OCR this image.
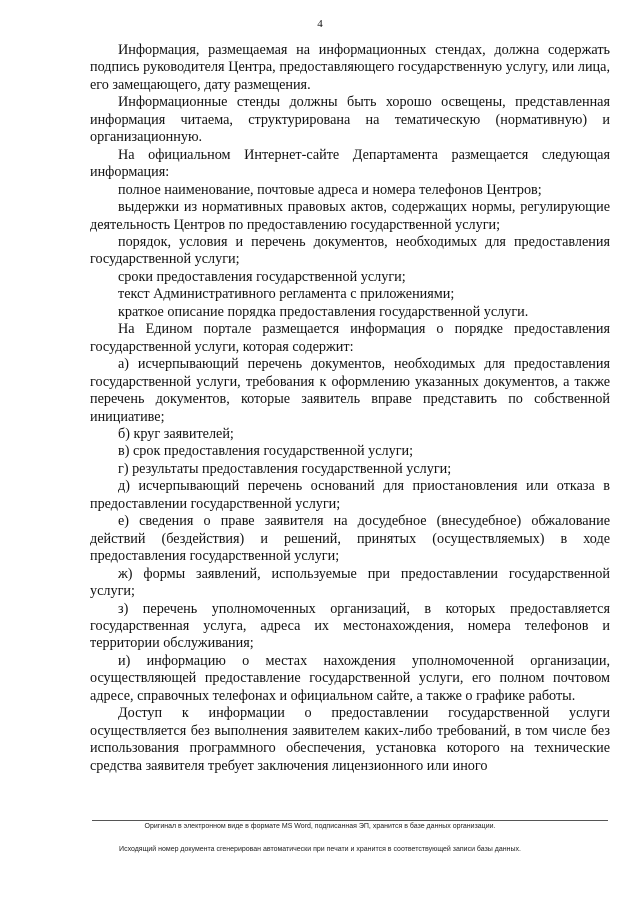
4

Информация, размещаемая на информационных стендах, должна содержать подпись руководителя Центра, предоставляющего государственную услугу, или лица, его замещающего, дату размещения.

Информационные стенды должны быть хорошо освещены, представленная информация читаема, структурирована на тематическую (нормативную) и организационную.

На официальном Интернет-сайте Департамента размещается следующая информация:

полное наименование, почтовые адреса и номера телефонов Центров;

выдержки из нормативных правовых актов, содержащих нормы, регулирующие деятельность Центров по предоставлению государственной услуги;

порядок, условия и перечень документов, необходимых для предоставления государственной услуги;

сроки предоставления государственной услуги;

текст Административного регламента с приложениями;

краткое описание порядка предоставления государственной услуги.

На Едином портале размещается информация о порядке предоставления государственной услуги, которая содержит:

а) исчерпывающий перечень документов, необходимых для предоставления государственной услуги, требования к оформлению указанных документов, а также перечень документов, которые заявитель вправе представить по собственной инициативе;

б) круг заявителей;

в) срок предоставления государственной услуги;

г) результаты предоставления государственной услуги;

д) исчерпывающий перечень оснований для приостановления или отказа в предоставлении государственной услуги;

е) сведения о праве заявителя на досудебное (внесудебное) обжалование действий (бездействия) и решений, принятых (осуществляемых) в ходе предоставления государственной услуги;

ж) формы заявлений, используемые при предоставлении государственной услуги;

з) перечень уполномоченных организаций, в которых предоставляется государственная услуга, адреса их местонахождения, номера телефонов и территории обслуживания;

и) информацию о местах нахождения уполномоченной организации, осуществляющей предоставление государственной услуги, его полном почтовом адресе, справочных телефонах и официальном сайте, а также о графике работы.

Доступ к информации о предоставлении государственной услуги осуществляется без выполнения заявителем каких-либо требований, в том числе без использования программного обеспечения, установка которого на технические средства заявителя требует заключения лицензионного или иного

Оригинал в электронном виде в формате MS Word, подписанная ЭП, хранится в базе данных организации.
Исходящий номер документа сгенерирован автоматически при печати и хранится в соответствующей записи базы данных.
